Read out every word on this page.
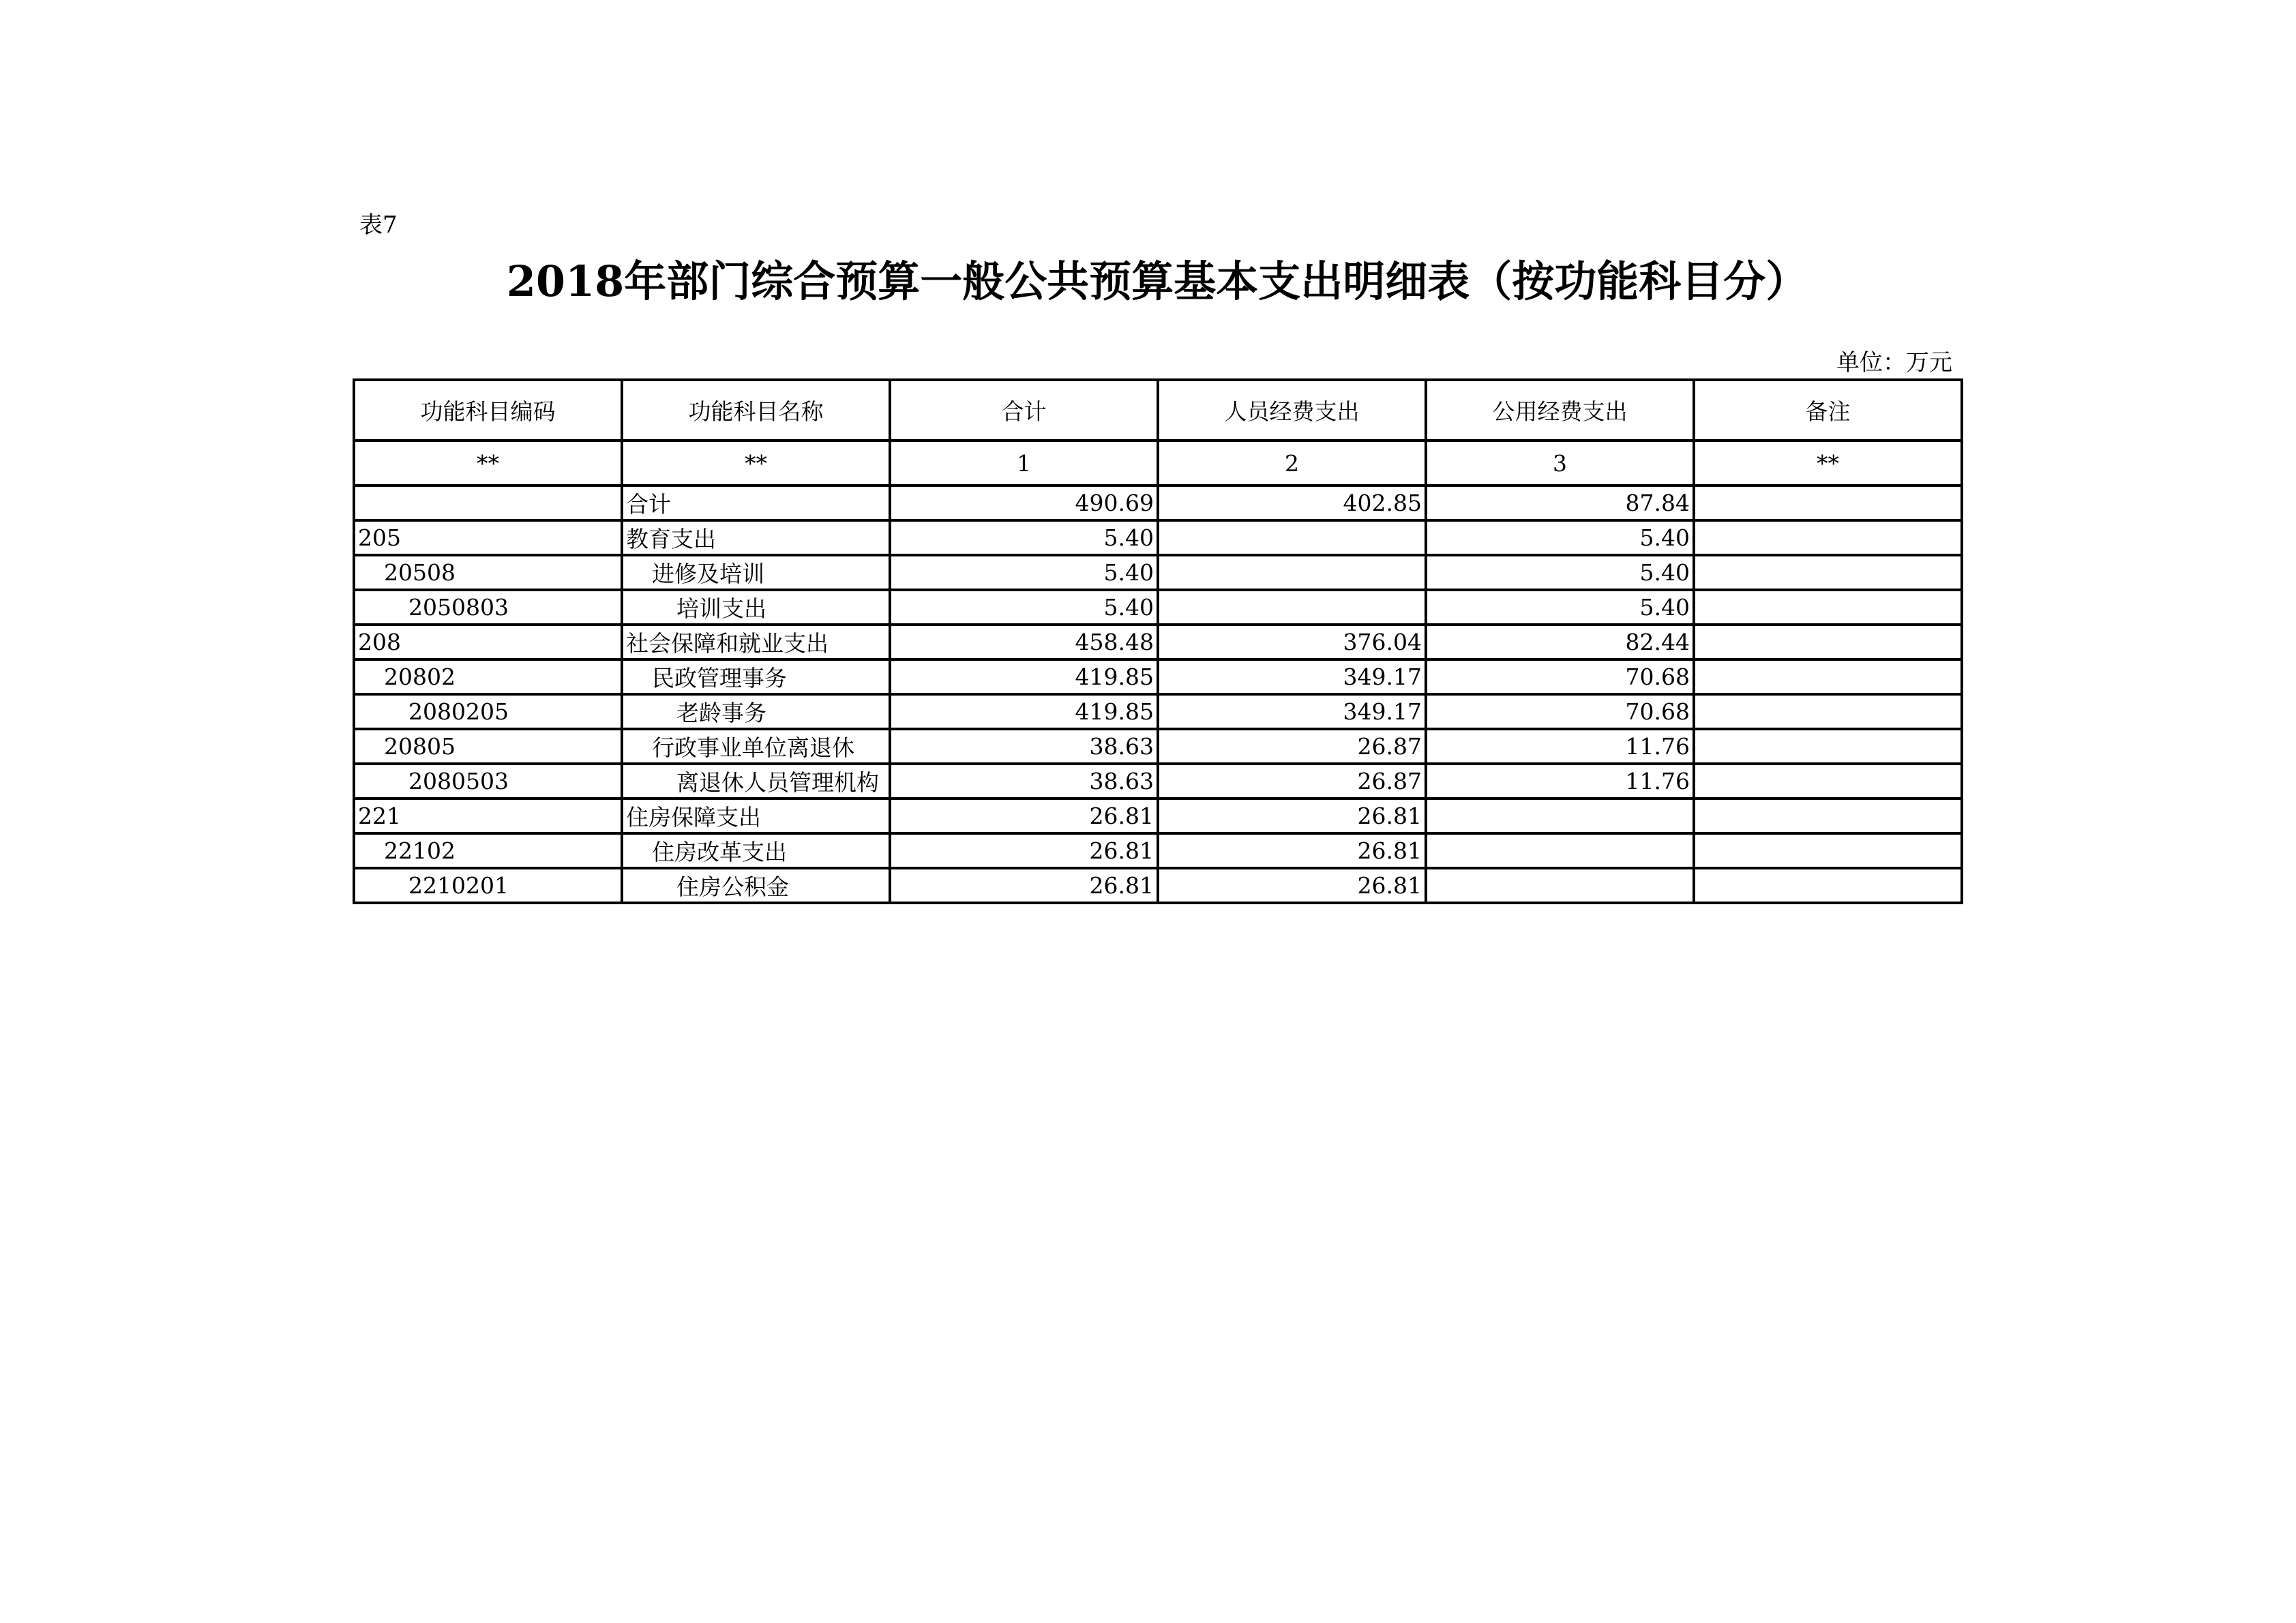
表7
2018年部门综合预算一般公共预算基本支出明细表（按功能科目分）
单位：万元
功能科目编码	功能科目名称	合计	人员经费支出	公用经费支出	备注
**	**	1	2	3	**
	合计	490.69	402.85	87.84	
205	教育支出	5.40		5.40	
20508	进修及培训	5.40		5.40	
2050803	培训支出	5.40		5.40	
208	社会保障和就业支出	458.48	376.04	82.44	
20802	民政管理事务	419.85	349.17	70.68	
2080205	老龄事务	419.85	349.17	70.68	
20805	行政事业单位离退休	38.63	26.87	11.76	
2080503	离退休人员管理机构	38.63	26.87	11.76	
221	住房保障支出	26.81	26.81		
22102	住房改革支出	26.81	26.81		
2210201	住房公积金	26.81	26.81		
